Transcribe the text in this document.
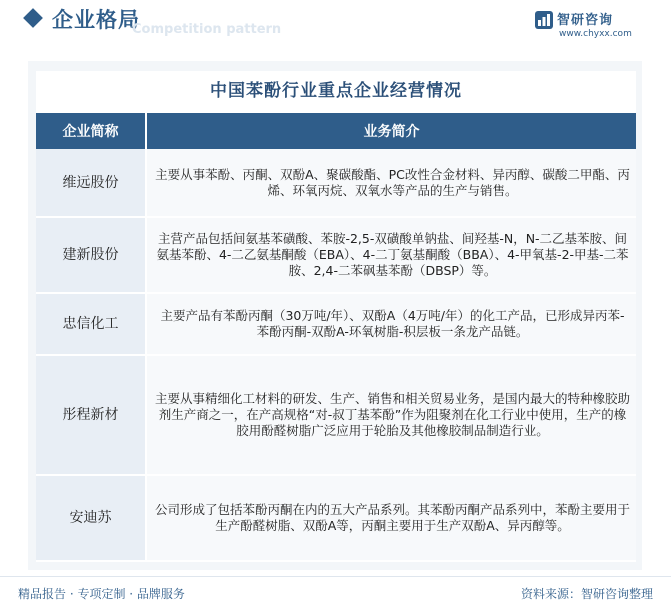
企业格局
Competition pattern
智研咨询
www.chyxx.com
中国苯酚行业重点企业经营情况
企业简称	业务简介
维远股份	主要从事苯酚、丙酮、双酚A、聚碳酸酯、PC改性合金材料、异丙醇、碳酸二甲酯、丙烯、环氧丙烷、双氧水等产品的生产与销售。
建新股份	主营产品包括间氨基苯磺酸、苯胺-2,5-双磺酸单钠盐、间羟基-N，N-二乙基苯胺、间氨基苯酚、4-二乙氨基酮酸（EBA）、4-二丁氨基酮酸（BBA）、4-甲氧基-2-甲基-二苯胺、2,4-二苯砜基苯酚（DBSP）等。
忠信化工	主要产品有苯酚丙酮（30万吨/年）、双酚A（4万吨/年）的化工产品，已形成异丙苯-苯酚丙酮-双酚A-环氧树脂-积层板一条龙产品链。
彤程新材	主要从事精细化工材料的研发、生产、销售和相关贸易业务，是国内最大的特种橡胶助剂生产商之一，在产高规格“对-叔丁基苯酚”作为阻聚剂在化工行业中使用，生产的橡胶用酚醛树脂广泛应用于轮胎及其他橡胶制品制造行业。
安迪苏	公司形成了包括苯酚丙酮在内的五大产品系列。其苯酚丙酮产品系列中，苯酚主要用于生产酚醛树脂、双酚A等，丙酮主要用于生产双酚A、异丙醇等。
精品报告 · 专项定制 · 品牌服务	资料来源：智研咨询整理
